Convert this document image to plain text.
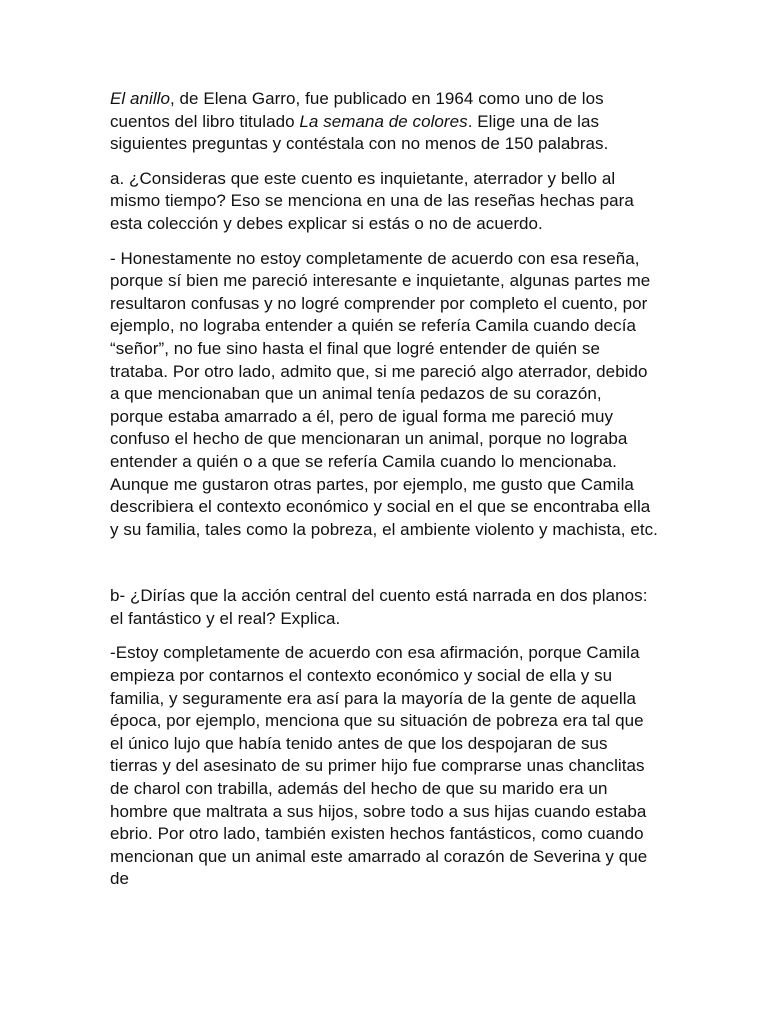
El anillo, de Elena Garro, fue publicado en 1964 como uno de los cuentos del libro titulado La semana de colores. Elige una de las siguientes preguntas y contéstala con no menos de 150 palabras.

a. ¿Consideras que este cuento es inquietante, aterrador y bello al mismo tiempo? Eso se menciona en una de las reseñas hechas para esta colección y debes explicar si estás o no de acuerdo.

- Honestamente no estoy completamente de acuerdo con esa reseña, porque sí bien me pareció interesante e inquietante, algunas partes me resultaron confusas y no logré comprender por completo el cuento, por ejemplo, no lograba entender a quién se refería Camila cuando decía “señor”, no fue sino hasta el final que logré entender de quién se trataba. Por otro lado, admito que, si me pareció algo aterrador, debido a que mencionaban que un animal tenía pedazos de su corazón, porque estaba amarrado a él, pero de igual forma me pareció muy confuso el hecho de que mencionaran un animal, porque no lograba entender a quién o a que se refería Camila cuando lo mencionaba. Aunque me gustaron otras partes, por ejemplo, me gusto que Camila describiera el contexto económico y social en el que se encontraba ella y su familia, tales como la pobreza, el ambiente violento y machista, etc.

b- ¿Dirías que la acción central del cuento está narrada en dos planos: el fantástico y el real? Explica.

-Estoy completamente de acuerdo con esa afirmación, porque Camila empieza por contarnos el contexto económico y social de ella y su familia, y seguramente era así para la mayoría de la gente de aquella época, por ejemplo, menciona que su situación de pobreza era tal que el único lujo que había tenido antes de que los despojaran de sus tierras y del asesinato de su primer hijo fue comprarse unas chanclitas de charol con trabilla, además del hecho de que su marido era un hombre que maltrata a sus hijos, sobre todo a sus hijas cuando estaba ebrio. Por otro lado, también existen hechos fantásticos, como cuando mencionan que un animal este amarrado al corazón de Severina y que de
